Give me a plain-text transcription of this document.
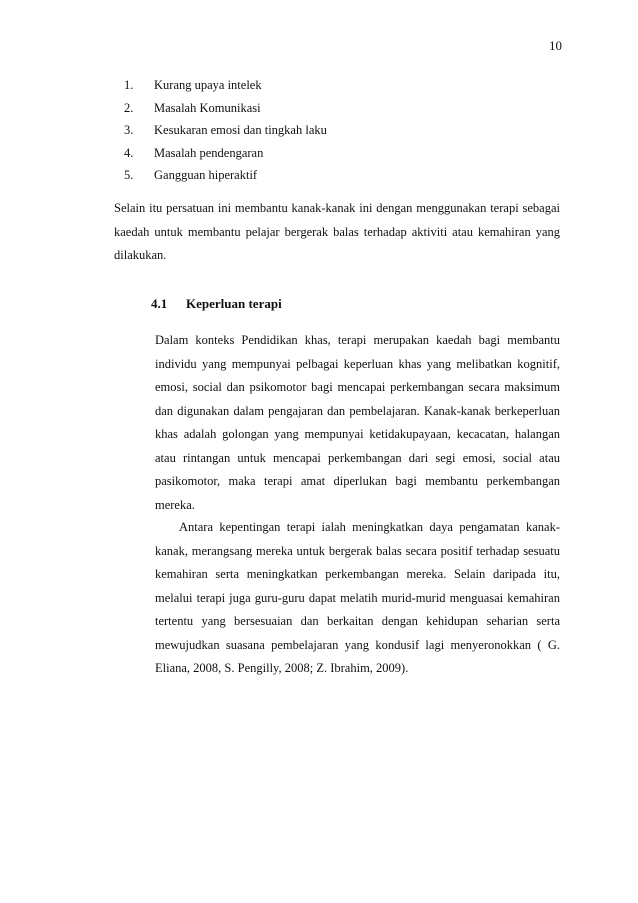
10
1. Kurang upaya intelek
2. Masalah Komunikasi
3. Kesukaran emosi dan tingkah laku
4. Masalah pendengaran
5. Gangguan hiperaktif

Selain itu persatuan ini membantu kanak-kanak ini dengan menggunakan terapi sebagai kaedah untuk membantu pelajar bergerak balas terhadap aktiviti atau kemahiran yang dilakukan.

4.1 Keperluan terapi

Dalam konteks Pendidikan khas, terapi merupakan kaedah bagi membantu individu yang mempunyai pelbagai keperluan khas yang melibatkan kognitif, emosi, social dan psikomotor bagi mencapai perkembangan secara maksimum dan digunakan dalam pengajaran dan pembelajaran. Kanak-kanak berkeperluan khas adalah golongan yang mempunyai ketidakupayaan, kecacatan, halangan atau rintangan untuk mencapai perkembangan dari segi emosi, social atau pasikomotor, maka terapi amat diperlukan bagi membantu perkembangan mereka.

Antara kepentingan terapi ialah meningkatkan daya pengamatan kanak-kanak, merangsang mereka untuk bergerak balas secara positif terhadap sesuatu kemahiran serta meningkatkan perkembangan mereka. Selain daripada itu, melalui terapi juga guru-guru dapat melatih murid-murid menguasai kemahiran tertentu yang bersesuaian dan berkaitan dengan kehidupan seharian serta mewujudkan suasana pembelajaran yang kondusif lagi menyeronokkan ( G. Eliana, 2008, S. Pengilly, 2008; Z. Ibrahim, 2009).
